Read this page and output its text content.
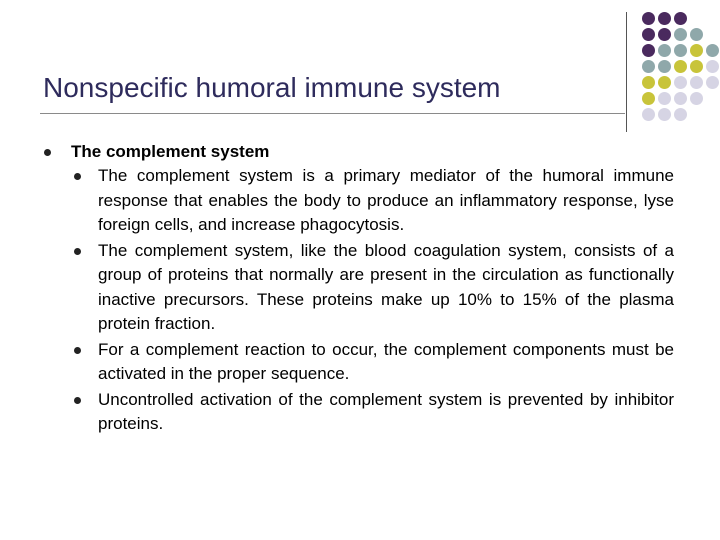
Nonspecific humoral immune system
The complement system
The complement system is a primary mediator of the humoral immune response that enables the body to produce an inflammatory response, lyse foreign cells, and increase phagocytosis.
The complement system, like the blood coagulation system, consists of a group of proteins that normally are present in the circulation as functionally inactive precursors. These proteins make up 10% to 15% of the plasma protein fraction.
For a complement reaction to occur, the complement components must be activated in the proper sequence.
Uncontrolled activation of the complement system is prevented by inhibitor proteins.
